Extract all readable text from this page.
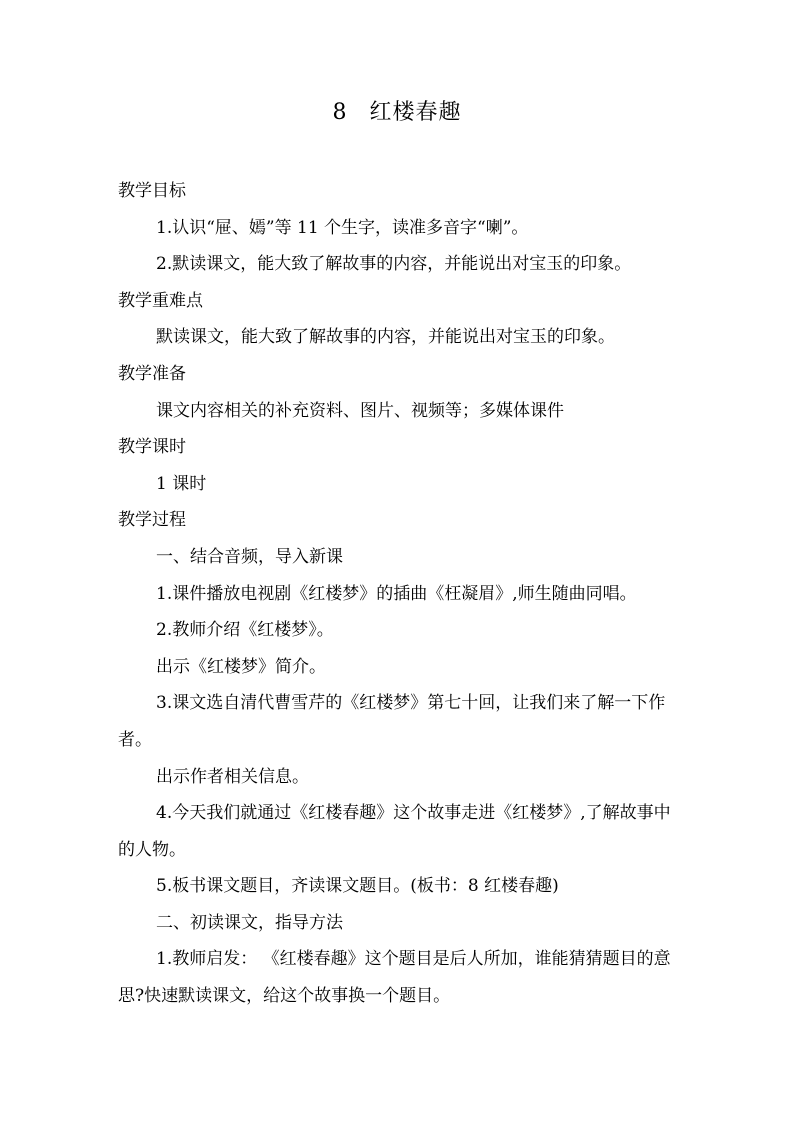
8 红楼春趣

教学目标

1.认识“屉、嫣”等 11 个生字，读准多音字“喇”。

2.默读课文，能大致了解故事的内容，并能说出对宝玉的印象。

教学重难点

默读课文，能大致了解故事的内容，并能说出对宝玉的印象。

教学准备

课文内容相关的补充资料、图片、视频等；多媒体课件

教学课时

1 课时

教学过程

一、结合音频，导入新课

1.课件播放电视剧《红楼梦》的插曲《枉凝眉》,师生随曲同唱。

2.教师介绍《红楼梦》。

出示《红楼梦》简介。

3.课文选自清代曹雪芹的《红楼梦》第七十回，让我们来了解一下作者。

出示作者相关信息。

4.今天我们就通过《红楼春趣》这个故事走进《红楼梦》,了解故事中的人物。

5.板书课文题目，齐读课文题目。(板书：8 红楼春趣)

二、初读课文，指导方法

1.教师启发： 《红楼春趣》这个题目是后人所加，谁能猜猜题目的意思?快速默读课文，给这个故事换一个题目。
